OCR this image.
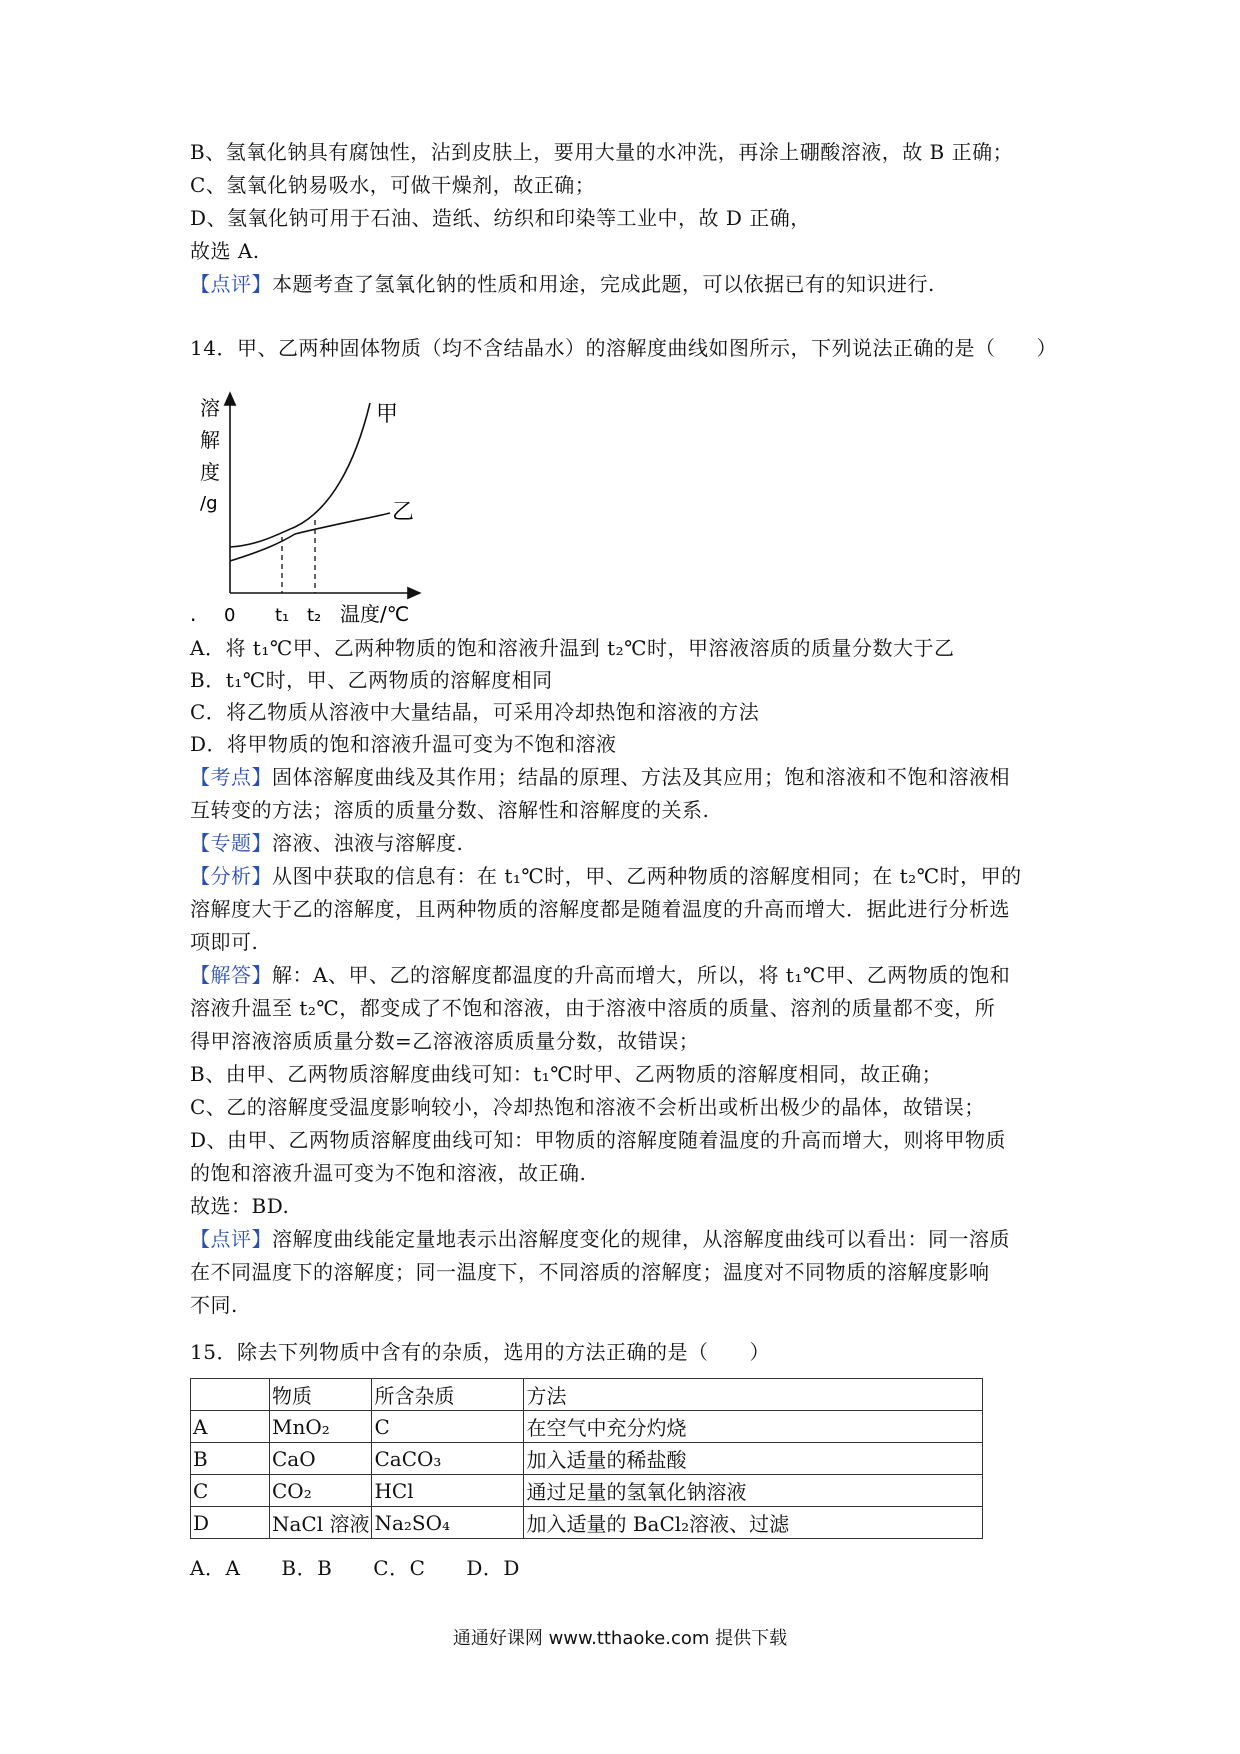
B、氢氧化钠具有腐蚀性，沾到皮肤上，要用大量的水冲洗，再涂上硼酸溶液，故 B 正确；
C、氢氧化钠易吸水，可做干燥剂，故正确；
D、氢氧化钠可用于石油、造纸、纺织和印染等工业中，故 D 正确，
故选 A.
【点评】本题考查了氢氧化钠的性质和用途，完成此题，可以依据已有的知识进行.
14．甲、乙两种固体物质（均不含结晶水）的溶解度曲线如图所示，下列说法正确的是（　　）
A．将 t₁℃甲、乙两种物质的饱和溶液升温到 t₂℃时，甲溶液溶质的质量分数大于乙
B．t₁℃时，甲、乙两物质的溶解度相同
C．将乙物质从溶液中大量结晶，可采用冷却热饱和溶液的方法
D．将甲物质的饱和溶液升温可变为不饱和溶液
【考点】固体溶解度曲线及其作用；结晶的原理、方法及其应用；饱和溶液和不饱和溶液相
互转变的方法；溶质的质量分数、溶解性和溶解度的关系.
【专题】溶液、浊液与溶解度.
【分析】从图中获取的信息有：在 t₁℃时，甲、乙两种物质的溶解度相同；在 t₂℃时，甲的
溶解度大于乙的溶解度，且两种物质的溶解度都是随着温度的升高而增大．据此进行分析选
项即可.
【解答】解：A、甲、乙的溶解度都温度的升高而增大，所以，将 t₁℃甲、乙两物质的饱和
溶液升温至 t₂℃，都变成了不饱和溶液，由于溶液中溶质的质量、溶剂的质量都不变，所
得甲溶液溶质质量分数=乙溶液溶质质量分数，故错误；
B、由甲、乙两物质溶解度曲线可知：t₁℃时甲、乙两物质的溶解度相同，故正确；
C、乙的溶解度受温度影响较小，冷却热饱和溶液不会析出或析出极少的晶体，故错误；
D、由甲、乙两物质溶解度曲线可知：甲物质的溶解度随着温度的升高而增大，则将甲物质
的饱和溶液升温可变为不饱和溶液，故正确.
故选：BD.
【点评】溶解度曲线能定量地表示出溶解度变化的规律，从溶解度曲线可以看出：同一溶质
在不同温度下的溶解度；同一温度下，不同溶质的溶解度；温度对不同物质的溶解度影响
不同.
15．除去下列物质中含有的杂质，选用的方法正确的是（　　）
A．A　　B．B　　C．C　　D．D
溶
解
度
/g
甲
乙
0 t₁ t₂ 温度/℃
.
	物质	所含杂质	方法
A	MnO₂	C	在空气中充分灼烧
B	CaO	CaCO₃	加入适量的稀盐酸
C	CO₂	HCl	通过足量的氢氧化钠溶液
D	NaCl 溶液	Na₂SO₄	加入适量的 BaCl₂溶液、过滤
通通好课网 www.tthaoke.com 提供下载
